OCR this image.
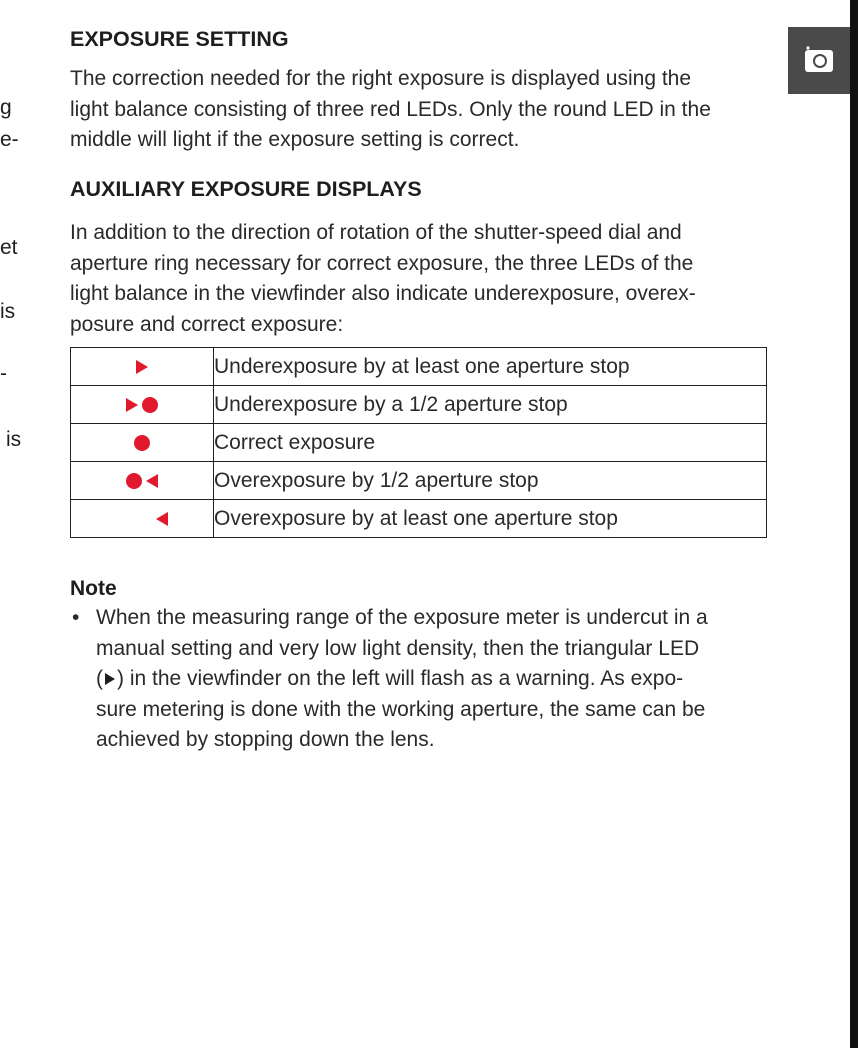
g
e-
et
is
-
is
EXPOSURE SETTING
The correction needed for the right exposure is displayed using the
light balance consisting of three red LEDs. Only the round LED in the
middle will light if the exposure setting is correct.
AUXILIARY EXPOSURE DISPLAYS
In addition to the direction of rotation of the shutter-speed dial and
aperture ring necessary for correct exposure, the three LEDs of the
light balance in the viewfinder also indicate underexposure, overex-
posure and correct exposure:
	Underexposure by at least one aperture stop

	Underexposure by a 1/2 aperture stop

	Correct exposure

	Overexposure by 1/2 aperture stop

	Overexposure by at least one aperture stop
Note
• When the measuring range of the exposure meter is undercut in a
manual setting and very low light density, then the triangular LED
( ) in the viewfinder on the left will flash as a warning. As expo-
sure metering is done with the working aperture, the same can be
achieved by stopping down the lens.
